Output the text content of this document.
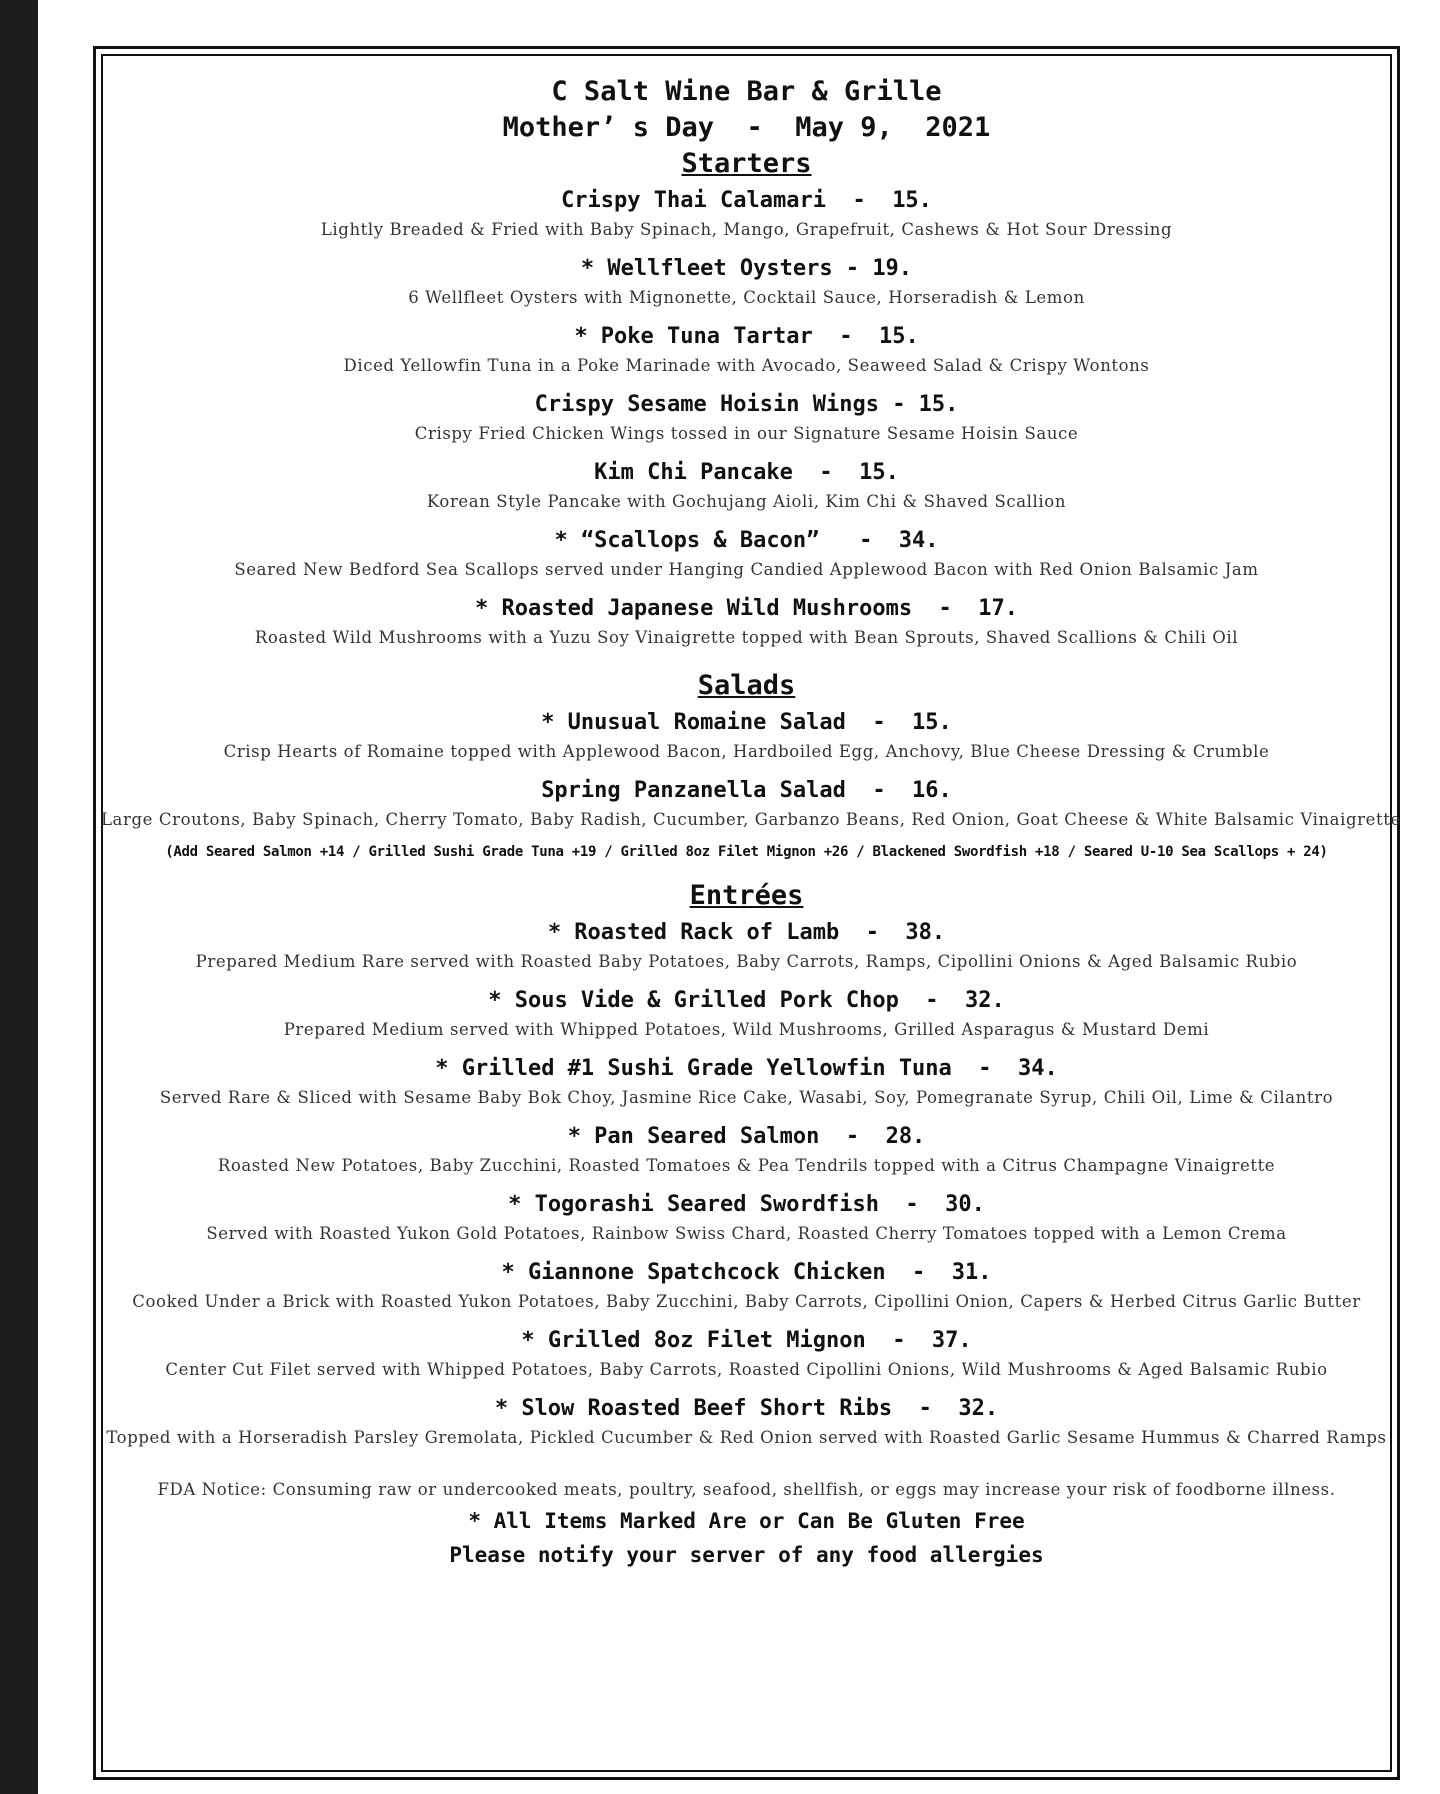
C Salt Wine Bar & Grille
Mother’ s Day  -  May 9,  2021
Starters
Crispy Thai Calamari  -  15.
Lightly Breaded & Fried with Baby Spinach, Mango, Grapefruit, Cashews & Hot Sour Dressing
* Wellfleet Oysters - 19.
6 Wellfleet Oysters with Mignonette, Cocktail Sauce, Horseradish & Lemon
* Poke Tuna Tartar  -  15.
Diced Yellowfin Tuna in a Poke Marinade with Avocado, Seaweed Salad & Crispy Wontons
Crispy Sesame Hoisin Wings - 15.
Crispy Fried Chicken Wings tossed in our Signature Sesame Hoisin Sauce
Kim Chi Pancake  -  15.
Korean Style Pancake with Gochujang Aioli, Kim Chi & Shaved Scallion
* “Scallops & Bacon”   -  34.
Seared New Bedford Sea Scallops served under Hanging Candied Applewood Bacon with Red Onion Balsamic Jam
* Roasted Japanese Wild Mushrooms  -  17.
Roasted Wild Mushrooms with a Yuzu Soy Vinaigrette topped with Bean Sprouts, Shaved Scallions & Chili Oil
Salads
* Unusual Romaine Salad  -  15.
Crisp Hearts of Romaine topped with Applewood Bacon, Hardboiled Egg, Anchovy, Blue Cheese Dressing & Crumble
Spring Panzanella Salad  -  16.
Large Croutons, Baby Spinach, Cherry Tomato, Baby Radish, Cucumber, Garbanzo Beans, Red Onion, Goat Cheese & White Balsamic Vinaigrette
(Add Seared Salmon +14 / Grilled Sushi Grade Tuna +19 / Grilled 8oz Filet Mignon +26 / Blackened Swordfish +18 / Seared U-10 Sea Scallops + 24)
Entrées
* Roasted Rack of Lamb  -  38.
Prepared Medium Rare served with Roasted Baby Potatoes, Baby Carrots, Ramps, Cipollini Onions & Aged Balsamic Rubio
* Sous Vide & Grilled Pork Chop  -  32.
Prepared Medium served with Whipped Potatoes, Wild Mushrooms, Grilled Asparagus & Mustard Demi
* Grilled #1 Sushi Grade Yellowfin Tuna  -  34.
Served Rare & Sliced with Sesame Baby Bok Choy, Jasmine Rice Cake, Wasabi, Soy, Pomegranate Syrup, Chili Oil, Lime & Cilantro
* Pan Seared Salmon  -  28.
Roasted New Potatoes, Baby Zucchini, Roasted Tomatoes & Pea Tendrils topped with a Citrus Champagne Vinaigrette
* Togorashi Seared Swordfish  -  30.
Served with Roasted Yukon Gold Potatoes, Rainbow Swiss Chard, Roasted Cherry Tomatoes topped with a Lemon Crema
* Giannone Spatchcock Chicken  -  31.
Cooked Under a Brick with Roasted Yukon Potatoes, Baby Zucchini, Baby Carrots, Cipollini Onion, Capers & Herbed Citrus Garlic Butter
* Grilled 8oz Filet Mignon  -  37.
Center Cut Filet served with Whipped Potatoes, Baby Carrots, Roasted Cipollini Onions, Wild Mushrooms & Aged Balsamic Rubio
* Slow Roasted Beef Short Ribs  -  32.
Topped with a Horseradish Parsley Gremolata, Pickled Cucumber & Red Onion served with Roasted Garlic Sesame Hummus & Charred Ramps
FDA Notice: Consuming raw or undercooked meats, poultry, seafood, shellfish, or eggs may increase your risk of foodborne illness.
* All Items Marked Are or Can Be Gluten Free
Please notify your server of any food allergies
